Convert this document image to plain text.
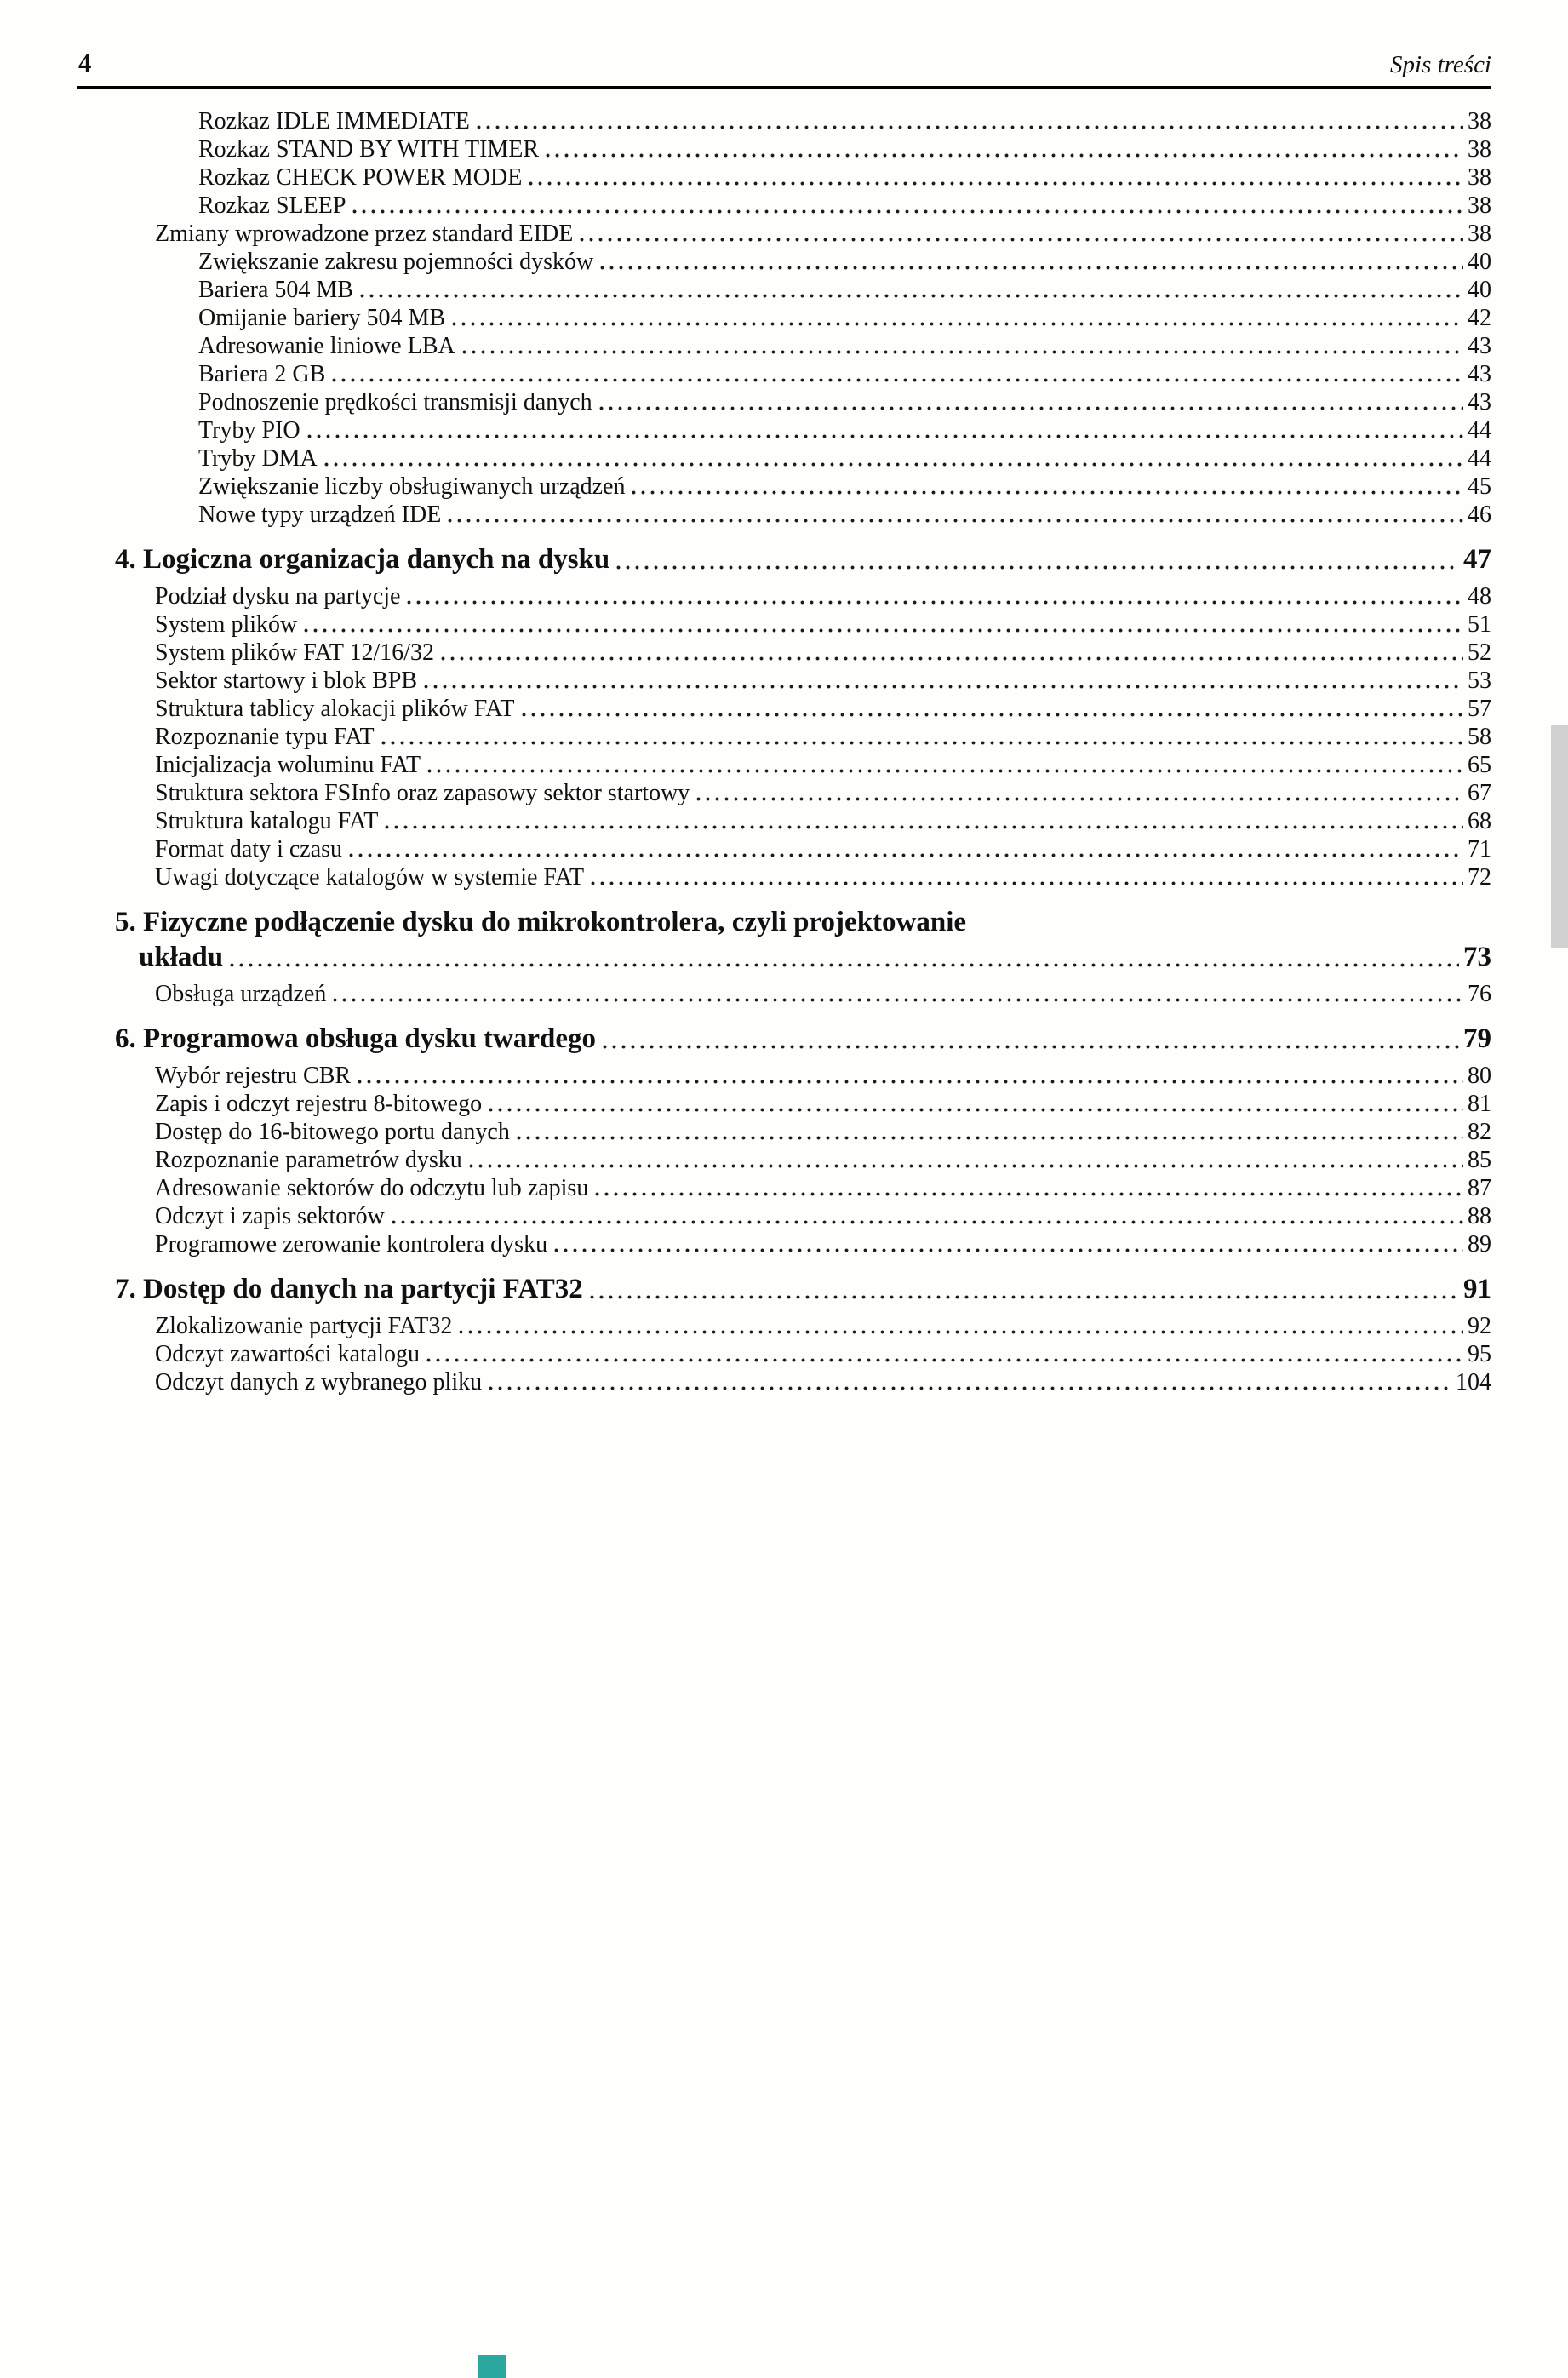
4	Spis treści
Rozkaz IDLE IMMEDIATE	38
Rozkaz STAND BY WITH TIMER	38
Rozkaz CHECK POWER MODE	38
Rozkaz SLEEP	38
Zmiany wprowadzone przez standard EIDE	38
Zwiększanie zakresu pojemności dysków	40
Bariera 504 MB	40
Omijanie bariery 504 MB	42
Adresowanie liniowe LBA	43
Bariera 2 GB	43
Podnoszenie prędkości transmisji danych	43
Tryby PIO	44
Tryby DMA	44
Zwiększanie liczby obsługiwanych urządzeń	45
Nowe typy urządzeń IDE	46
4. Logiczna organizacja danych na dysku	47
Podział dysku na partycje	48
System plików	51
System plików FAT 12/16/32	52
Sektor startowy i blok BPB	53
Struktura tablicy alokacji plików FAT	57
Rozpoznanie typu FAT	58
Inicjalizacja woluminu FAT	65
Struktura sektora FSInfo oraz zapasowy sektor startowy	67
Struktura katalogu FAT	68
Format daty i czasu	71
Uwagi dotyczące katalogów w systemie FAT	72
5. Fizyczne podłączenie dysku do mikrokontrolera, czyli projektowanie
układu	73
Obsługa urządzeń	76
6. Programowa obsługa dysku twardego	79
Wybór rejestru CBR	80
Zapis i odczyt rejestru 8-bitowego	81
Dostęp do 16-bitowego portu danych	82
Rozpoznanie parametrów dysku	85
Adresowanie sektorów do odczytu lub zapisu	87
Odczyt i zapis sektorów	88
Programowe zerowanie kontrolera dysku	89
7. Dostęp do danych na partycji FAT32	91
Zlokalizowanie partycji FAT32	92
Odczyt zawartości katalogu	95
Odczyt danych z wybranego pliku	104
